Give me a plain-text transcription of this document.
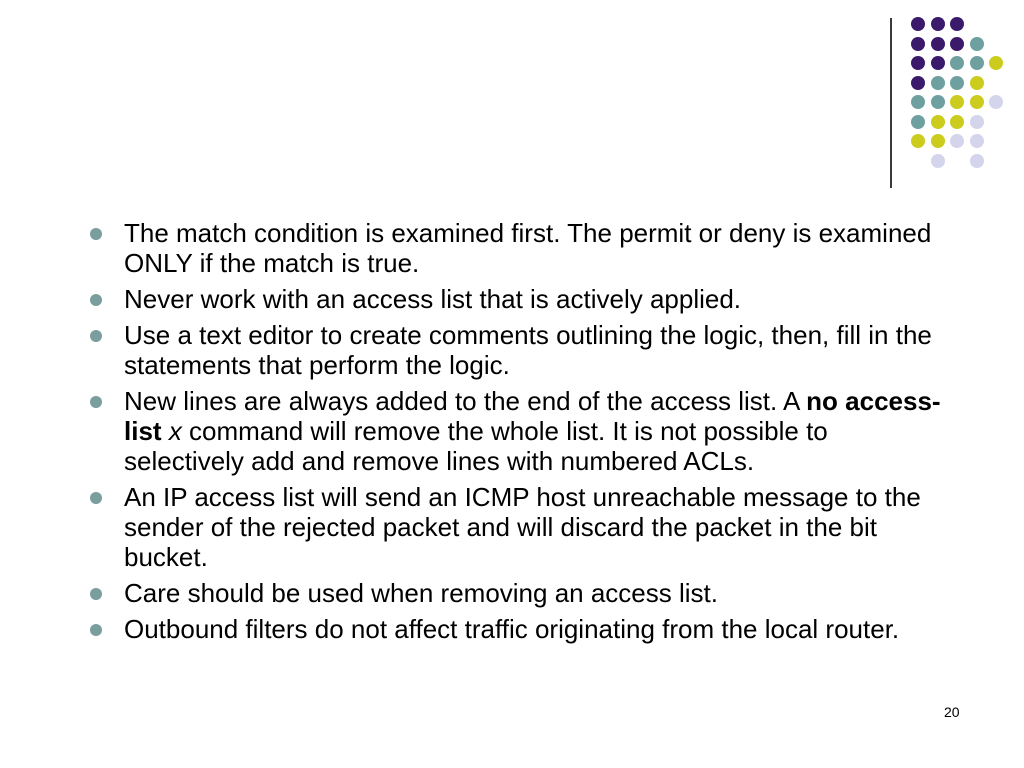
The match condition is examined first. The permit or deny is examined ONLY if the match is true.
Never work with an access list that is actively applied.
Use a text editor to create comments outlining the logic, then, fill in the statements that perform the logic.
New lines are always added to the end of the access list. A no access-list x command will remove the whole list. It is not possible to selectively add and remove lines with numbered ACLs.
An IP access list will send an ICMP host unreachable message to the sender of the rejected packet and will discard the packet in the bit bucket.
Care should be used when removing an access list.
Outbound filters do not affect traffic originating from the local router.
20
